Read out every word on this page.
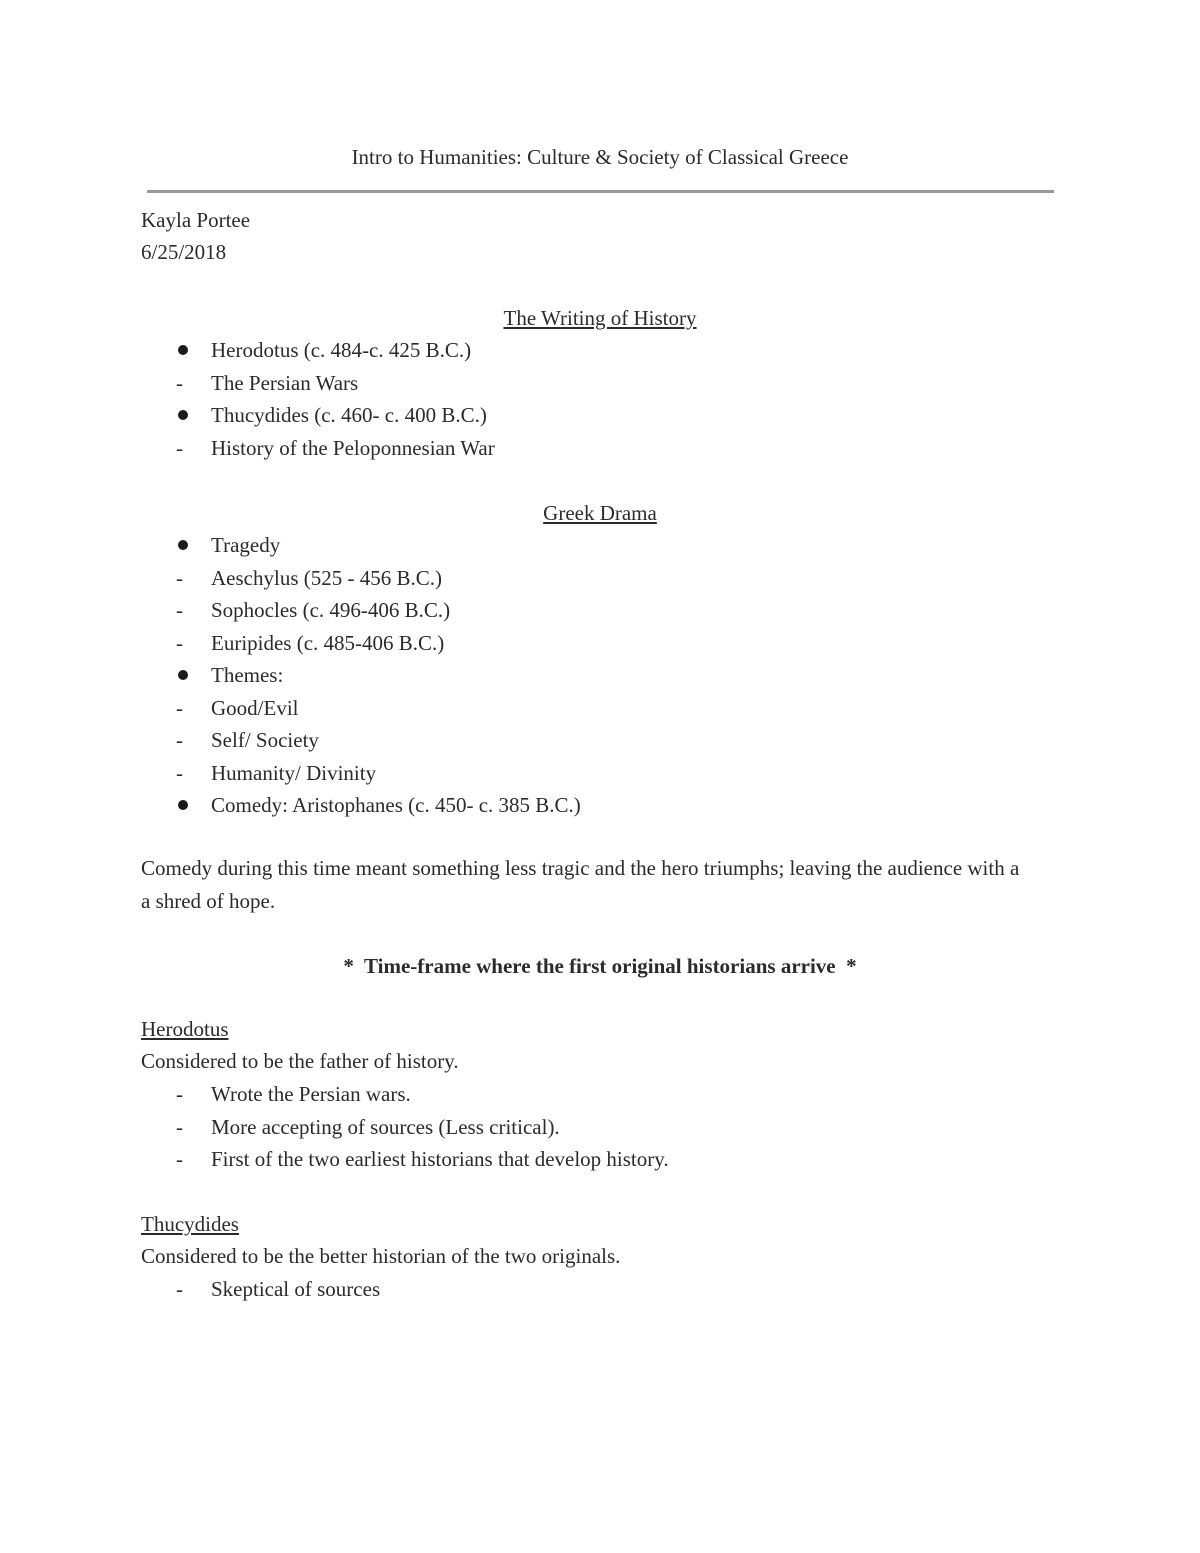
Intro to Humanities: Culture & Society of Classical Greece
Kayla Portee
6/25/2018
The Writing of History
Herodotus (c. 484-c. 425 B.C.)
-	The Persian Wars
Thucydides (c. 460- c. 400 B.C.)
-	History of the Peloponnesian War
Greek Drama
Tragedy
-	Aeschylus (525 - 456 B.C.)
-	Sophocles (c. 496-406 B.C.)
-	Euripides (c. 485-406 B.C.)
Themes:
-	Good/Evil
-	Self/ Society
-	Humanity/ Divinity
Comedy: Aristophanes (c. 450- c. 385 B.C.)
Comedy during this time meant something less tragic and the hero triumphs; leaving the audience with a a shred of hope.
*  Time-frame where the first original historians arrive  *
Herodotus
Considered to be the father of history.
-	Wrote the Persian wars.
-	More accepting of sources (Less critical).
-	First of the two earliest historians that develop history.
Thucydides
Considered to be the better historian of the two originals.
-	Skeptical of sources
